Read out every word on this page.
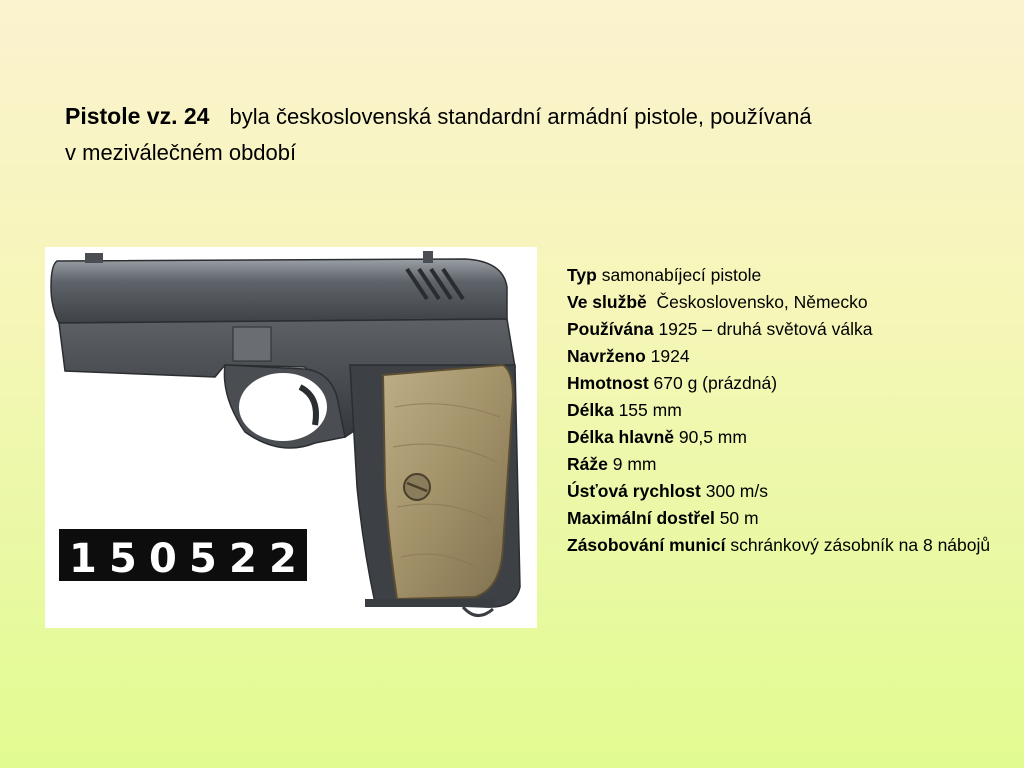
Pistole vz. 24 byla československá standardní armádní pistole, používaná
v meziválečném období
1 5 0 5 2 2
Typ samonabíjecí pistole
Ve službě Československo, Německo
Používána 1925 – druhá světová válka
Navrženo 1924
Hmotnost 670 g (prázdná)
Délka 155 mm
Délka hlavně 90,5 mm
Ráže 9 mm
Úsťová rychlost 300 m/s
Maximální dostřel 50 m
Zásobování municí schránkový zásobník na 8 nábojů
